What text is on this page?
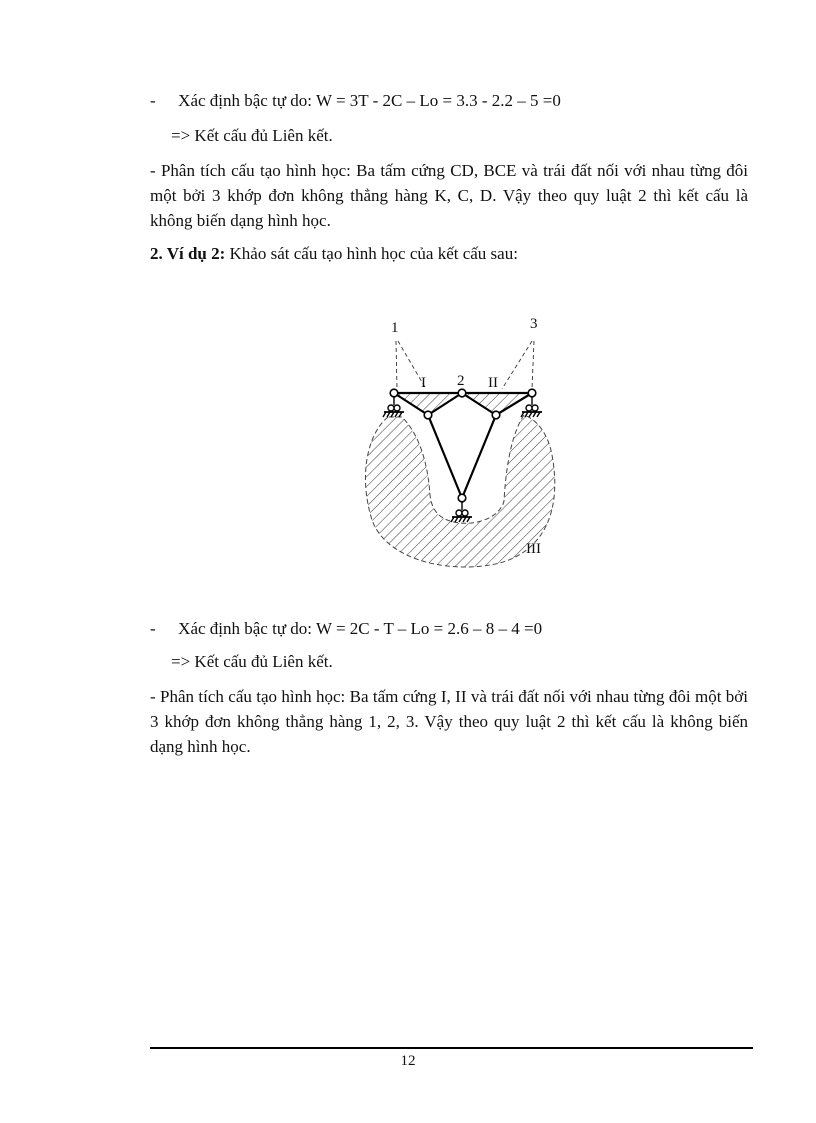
- Xác định bậc tự do: W = 3T - 2C – Lo = 3.3 - 2.2 – 5 =0
=> Kết cấu đủ Liên kết.
- Phân tích cấu tạo hình học: Ba tấm cứng CD, BCE và trái đất nối với nhau từng đôi một bởi 3 khớp đơn không thẳng hàng K, C, D. Vậy theo quy luật 2 thì kết cấu là không biến dạng hình học.
2. Ví dụ 2: Khảo sát cấu tạo hình học của kết cấu sau:
1	3
2
I	II
III
- Xác định bậc tự do: W = 2C - T – Lo = 2.6 – 8 – 4 =0
=> Kết cấu đủ Liên kết.
- Phân tích cấu tạo hình học: Ba tấm cứng I, II và trái đất nối với nhau từng đôi một bởi 3 khớp đơn không thẳng hàng 1, 2, 3. Vậy theo quy luật 2 thì kết cấu là không biến dạng hình học.
12
